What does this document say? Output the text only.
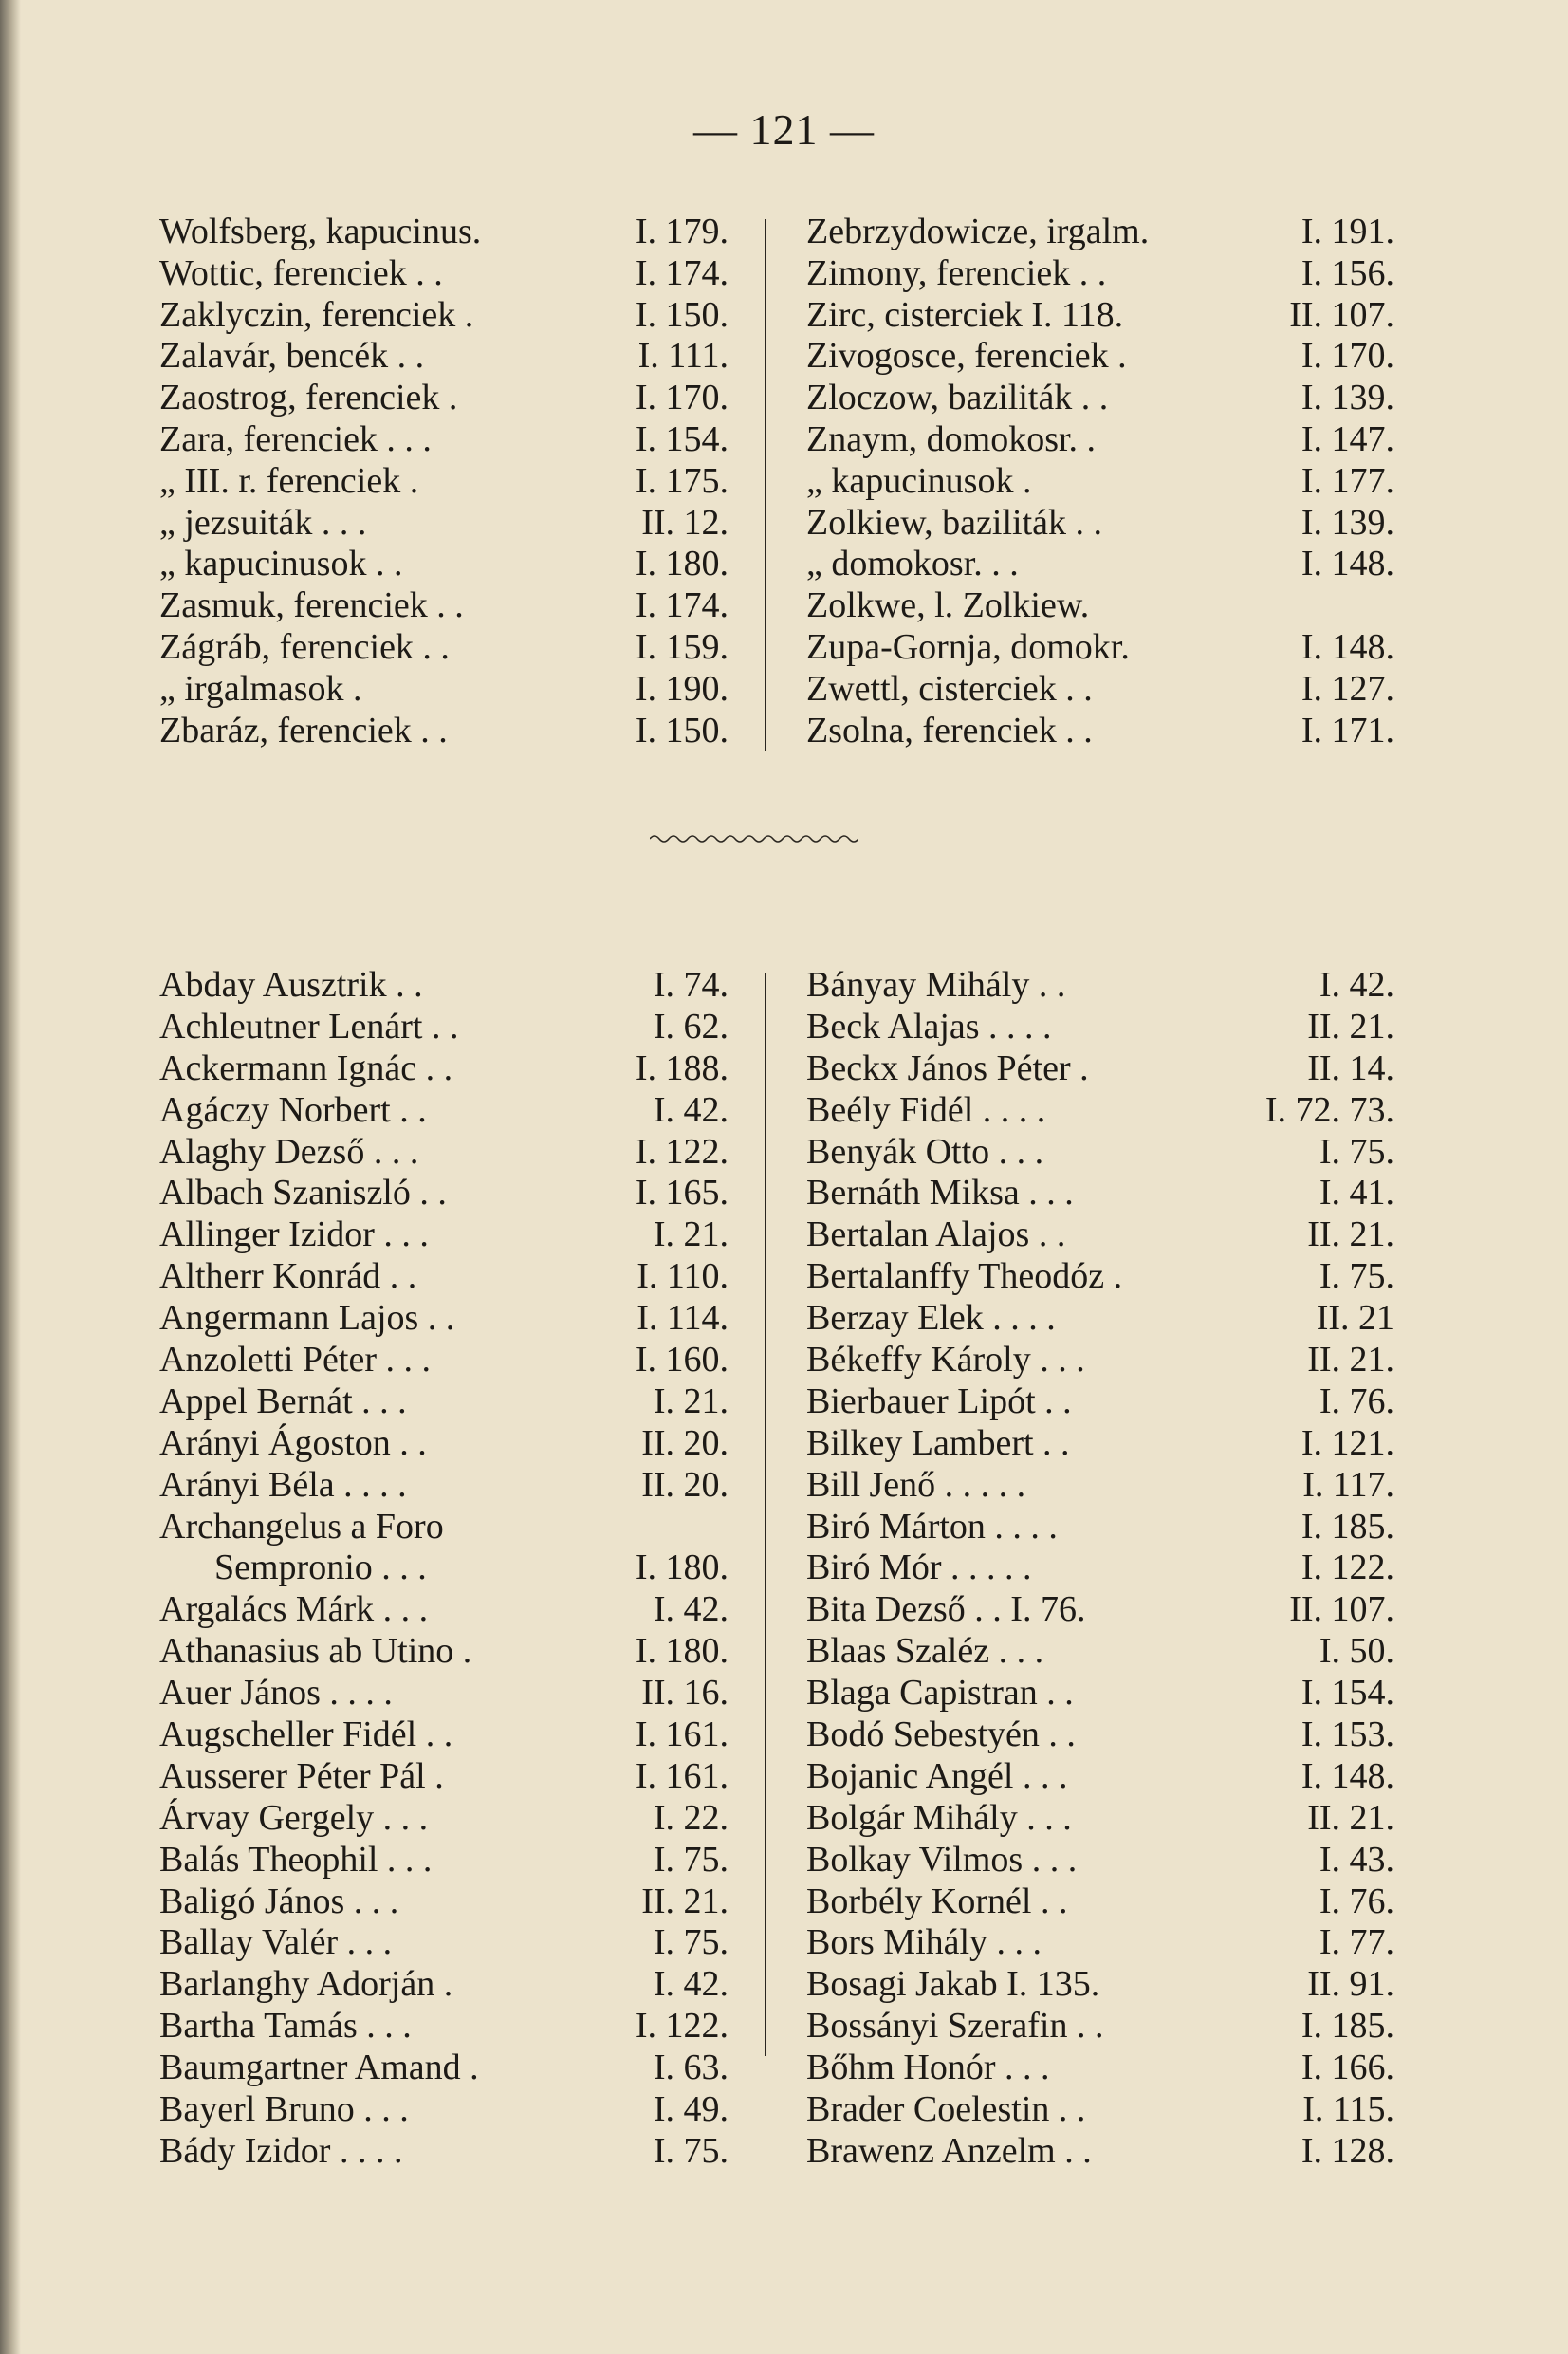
— 121 —
Wolfsberg, kapucinus.	I. 179.
Wottic, ferenciek . .	I. 174.
Zaklyczin, ferenciek .	I. 150.
Zalavár, bencék . .	I. 111.
Zaostrog, ferenciek .	I. 170.
Zara, ferenciek . . .	I. 154.
„ III. r. ferenciek .	I. 175.
„ jezsuiták . . .	II. 12.
„ kapucinusok . .	I. 180.
Zasmuk, ferenciek . .	I. 174.
Zágráb, ferenciek . .	I. 159.
„ irgalmasok .	I. 190.
Zbaráz, ferenciek . .	I. 150.
Zebrzydowicze, irgalm.	I. 191.
Zimony, ferenciek . .	I. 156.
Zirc, cisterciek I. 118.	II. 107.
Zivogosce, ferenciek .	I. 170.
Zloczow, baziliták . .	I. 139.
Znaym, domokosr. .	I. 147.
„ kapucinusok .	I. 177.
Zolkiew, baziliták . .	I. 139.
„ domokosr. . .	I. 148.
Zolkwe, l. Zolkiew.
Zupa-Gornja, domokr.	I. 148.
Zwettl, cisterciek . .	I. 127.
Zsolna, ferenciek . .	I. 171.
Abday Ausztrik . .	I. 74.
Achleutner Lenárt . .	I. 62.
Ackermann Ignác . .	I. 188.
Agáczy Norbert . .	I. 42.
Alaghy Dezső . . .	I. 122.
Albach Szaniszló . .	I. 165.
Allinger Izidor . . .	I. 21.
Altherr Konrád . .	I. 110.
Angermann Lajos . .	I. 114.
Anzoletti Péter . . .	I. 160.
Appel Bernát . . .	I. 21.
Arányi Ágoston . .	II. 20.
Arányi Béla . . . .	II. 20.
Archangelus a Foro
Sempronio . . .	I. 180.
Argalács Márk . . .	I. 42.
Athanasius ab Utino .	I. 180.
Auer János . . . .	II. 16.
Augscheller Fidél . .	I. 161.
Ausserer Péter Pál .	I. 161.
Árvay Gergely . . .	I. 22.
Balás Theophil . . .	I. 75.
Baligó János . . .	II. 21.
Ballay Valér . . .	I. 75.
Barlanghy Adorján .	I. 42.
Bartha Tamás . . .	I. 122.
Baumgartner Amand .	I. 63.
Bayerl Bruno . . .	I. 49.
Bády Izidor . . . .	I. 75.
Bányay Mihály . .	I. 42.
Beck Alajas . . . .	II. 21.
Beckx János Péter .	II. 14.
Beély Fidél . . . .	I. 72. 73.
Benyák Otto . . .	I. 75.
Bernáth Miksa . . .	I. 41.
Bertalan Alajos . .	II. 21.
Bertalanffy Theodóz .	I. 75.
Berzay Elek . . . .	II. 21
Békeffy Károly . . .	II. 21.
Bierbauer Lipót . .	I. 76.
Bilkey Lambert . .	I. 121.
Bill Jenő . . . . .	I. 117.
Biró Márton . . . .	I. 185.
Biró Mór . . . . .	I. 122.
Bita Dezső . . I. 76.	II. 107.
Blaas Szaléz . . .	I. 50.
Blaga Capistran . .	I. 154.
Bodó Sebestyén . .	I. 153.
Bojanic Angél . . .	I. 148.
Bolgár Mihály . . .	II. 21.
Bolkay Vilmos . . .	I. 43.
Borbély Kornél . .	I. 76.
Bors Mihály . . .	I. 77.
Bosagi Jakab I. 135.	II. 91.
Bossányi Szerafin . .	I. 185.
Bőhm Honór . . .	I. 166.
Brader Coelestin . .	I. 115.
Brawenz Anzelm . .	I. 128.
